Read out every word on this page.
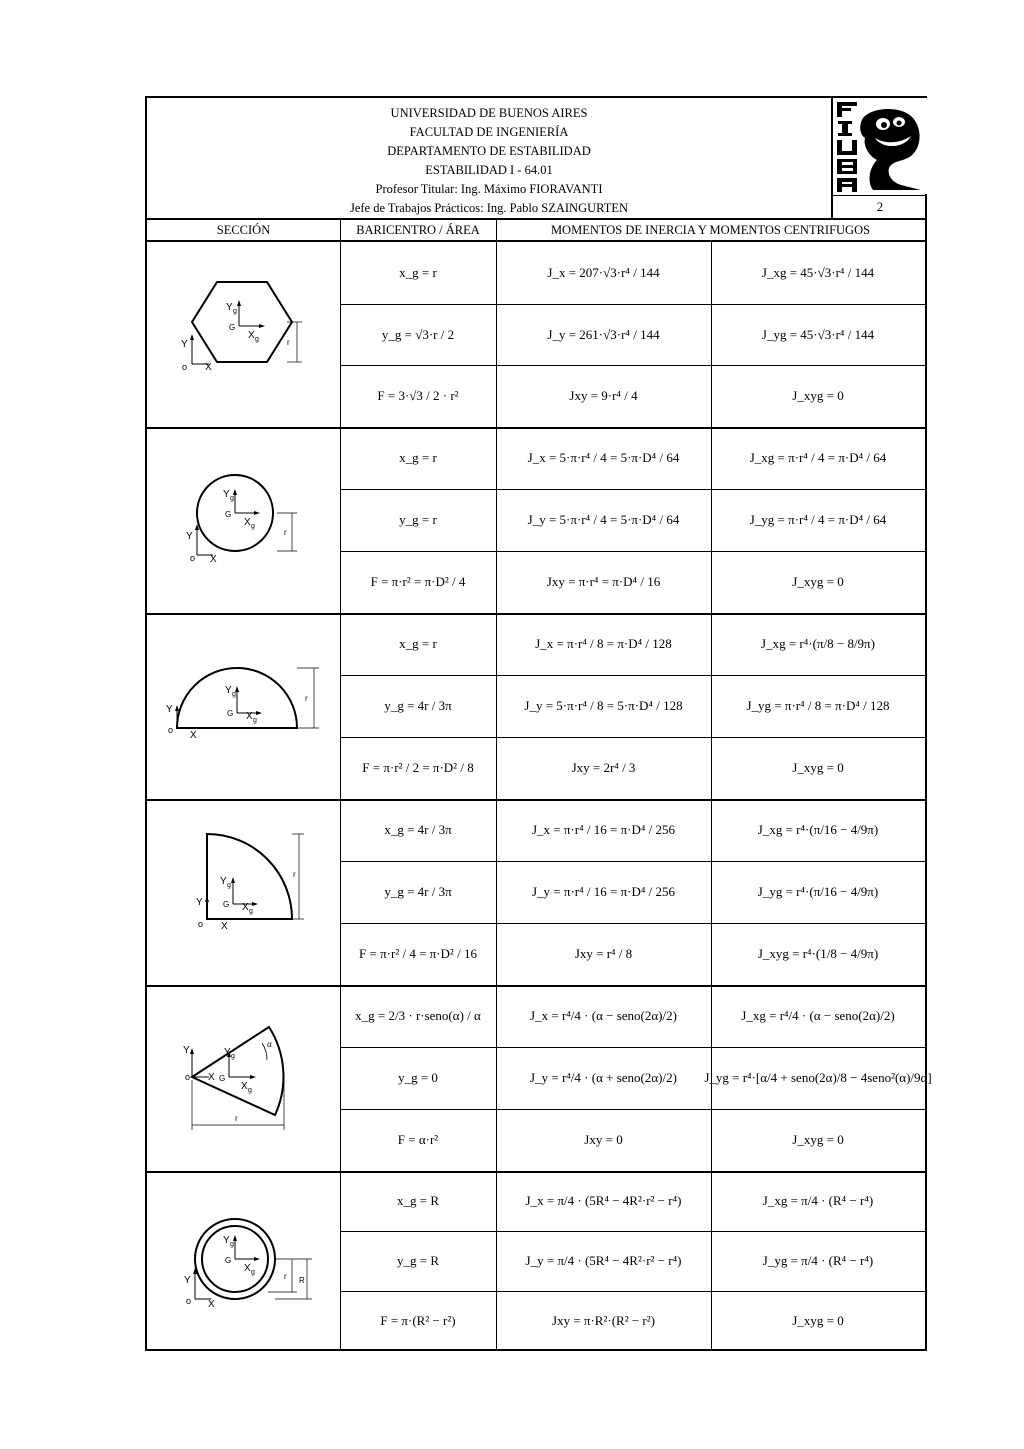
UNIVERSIDAD DE BUENOS AIRES
FACULTAD DE INGENIERÍA
DEPARTAMENTO DE ESTABILIDAD
ESTABILIDAD I - 64.01
Profesor Titular: Ing. Máximo FIORAVANTI
Jefe de Trabajos Prácticos: Ing. Pablo SZAINGURTEN	2
SECCIÓN	BARICENTRO / ÁREA	MOMENTOS DE INERCIA Y MOMENTOS CENTRIFUGOS
Y
X
o
Y g
G
X g	r
Y
X
o
Y g
G
X g
r
Y
X
o
Y g
G X g
r
Y
X
o
Y g
G X g
r
Y
X
o
Y g
G
X g
α
r
Y
X
o
Y g
G
X g	r R
x_g = r	J_x = 207·√3·r⁴ / 144	J_xg = 45·√3·r⁴ / 144
y_g = √3·r / 2	J_y = 261·√3·r⁴ / 144	J_yg = 45·√3·r⁴ / 144
F = 3·√3 / 2 · r²	Jxy = 9·r⁴ / 4	J_xyg = 0
x_g = r	J_x = 5·π·r⁴ / 4 = 5·π·D⁴ / 64	J_xg = π·r⁴ / 4 = π·D⁴ / 64
y_g = r	J_y = 5·π·r⁴ / 4 = 5·π·D⁴ / 64	J_yg = π·r⁴ / 4 = π·D⁴ / 64
F = π·r² = π·D² / 4	Jxy = π·r⁴ = π·D⁴ / 16	J_xyg = 0
x_g = r	J_x = π·r⁴ / 8 = π·D⁴ / 128	J_xg = r⁴·(π/8 − 8/9π)
y_g = 4r / 3π	J_y = 5·π·r⁴ / 8 = 5·π·D⁴ / 128	J_yg = π·r⁴ / 8 = π·D⁴ / 128
F = π·r² / 2 = π·D² / 8	Jxy = 2r⁴ / 3	J_xyg = 0
x_g = 4r / 3π	J_x = π·r⁴ / 16 = π·D⁴ / 256	J_xg = r⁴·(π/16 − 4/9π)
y_g = 4r / 3π	J_y = π·r⁴ / 16 = π·D⁴ / 256	J_yg = r⁴·(π/16 − 4/9π)
F = π·r² / 4 = π·D² / 16	Jxy = r⁴ / 8	J_xyg = r⁴·(1/8 − 4/9π)
x_g = 2/3 · r·seno(α) / α	J_x = r⁴/4 · (α − seno(2α)/2)	J_xg = r⁴/4 · (α − seno(2α)/2)
y_g = 0	J_y = r⁴/4 · (α + seno(2α)/2)	J_yg = r⁴·[α/4 + seno(2α)/8 − 4seno²(α)/9α]
F = α·r²	Jxy = 0	J_xyg = 0
x_g = R	J_x = π/4 · (5R⁴ − 4R²·r² − r⁴)	J_xg = π/4 · (R⁴ − r⁴)
y_g = R	J_y = π/4 · (5R⁴ − 4R²·r² − r⁴)	J_yg = π/4 · (R⁴ − r⁴)
F = π·(R² − r²)	Jxy = π·R²·(R² − r²)	J_xyg = 0
